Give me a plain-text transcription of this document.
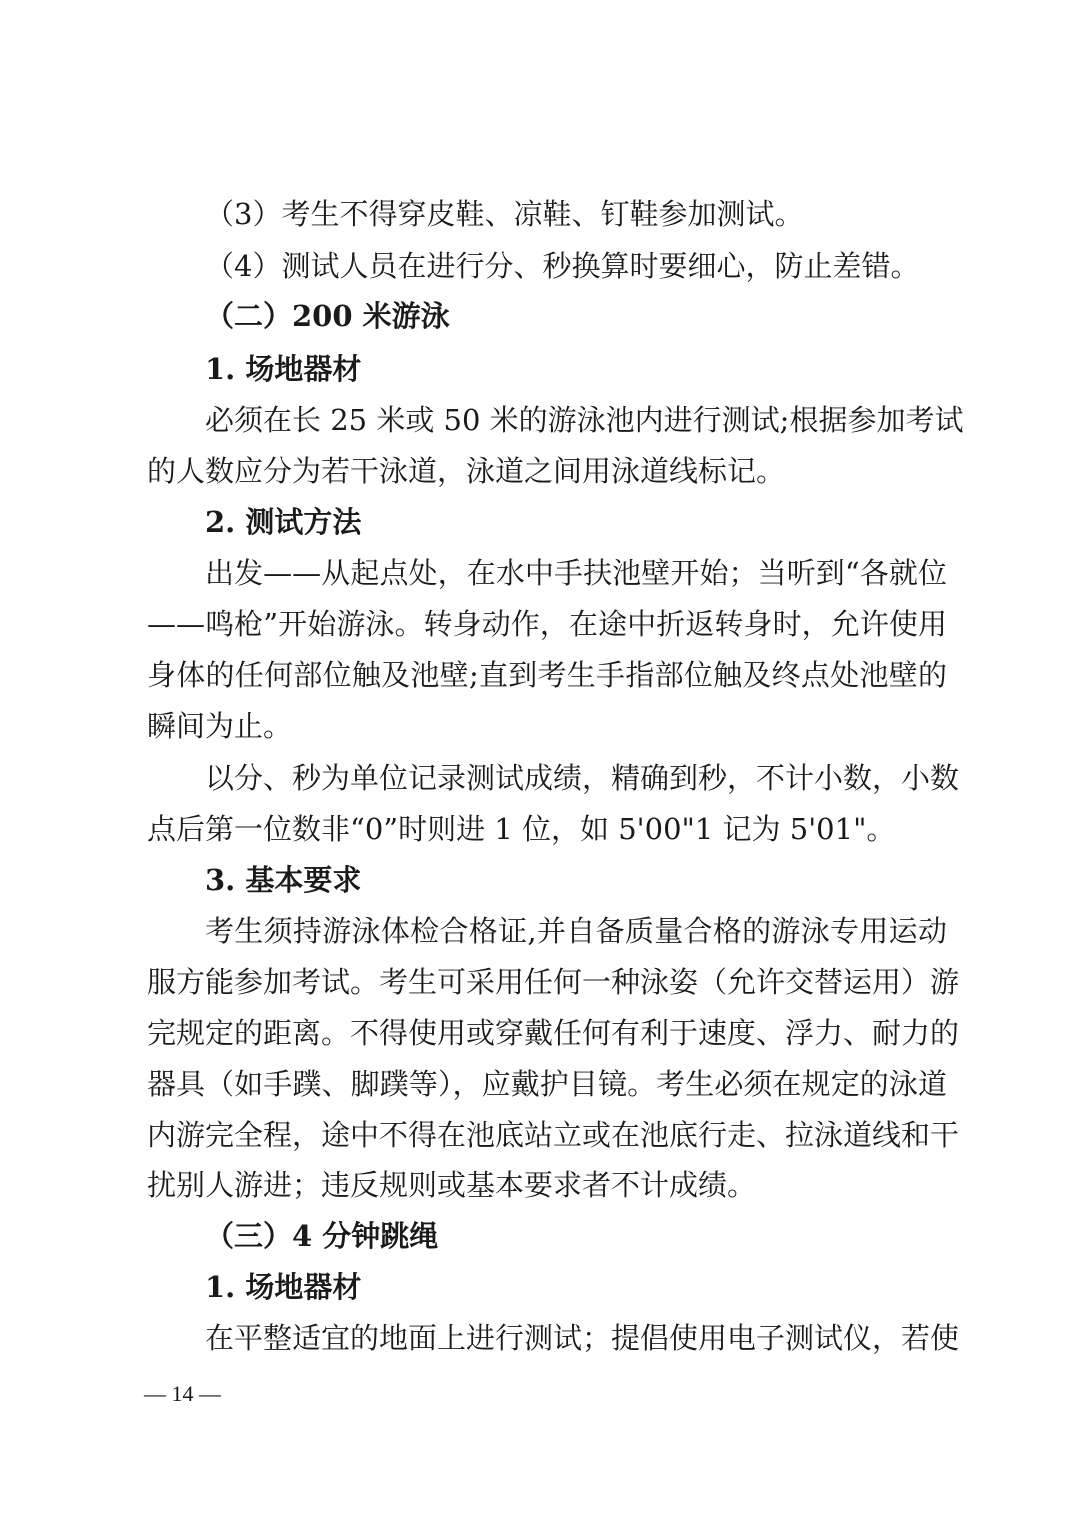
（3）考生不得穿皮鞋、凉鞋、钉鞋参加测试。
（4）测试人员在进行分、秒换算时要细心，防止差错。
（二）200 米游泳
1. 场地器材
必须在长 25 米或 50 米的游泳池内进行测试;根据参加考试
的人数应分为若干泳道，泳道之间用泳道线标记。
2. 测试方法
出发——从起点处，在水中手扶池壁开始；当听到“各就位
——鸣枪”开始游泳。转身动作，在途中折返转身时，允许使用
身体的任何部位触及池壁;直到考生手指部位触及终点处池壁的
瞬间为止。
以分、秒为单位记录测试成绩，精确到秒，不计小数，小数
点后第一位数非“0”时则进 1 位，如 5'00"1 记为 5'01"。
3. 基本要求
考生须持游泳体检合格证,并自备质量合格的游泳专用运动
服方能参加考试。考生可采用任何一种泳姿（允许交替运用）游
完规定的距离。不得使用或穿戴任何有利于速度、浮力、耐力的
器具（如手蹼、脚蹼等），应戴护目镜。考生必须在规定的泳道
内游完全程，途中不得在池底站立或在池底行走、拉泳道线和干
扰别人游进；违反规则或基本要求者不计成绩。
（三）4 分钟跳绳
1. 场地器材
在平整适宜的地面上进行测试；提倡使用电子测试仪，若使
— 14 —
